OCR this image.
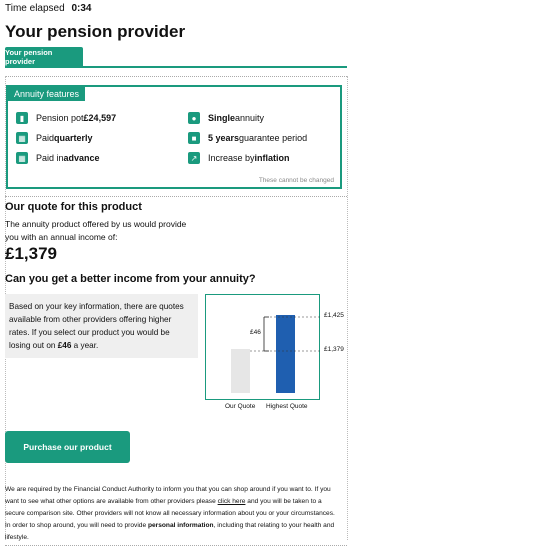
Time elapsed 0:34
Your pension provider
Your pension provider
Annuity features
▮	Pension pot £24,597	●	Single annuity
▦ Paid quarterly	■	5 years guarantee period
▦ Paid in advance	↗ Increase by inflation
These cannot be changed
Our quote for this product
The annuity product offered by us would provide
you with an annual income of:
£1,379
Can you get a better income from your annuity?

Based on your key information, there are quotes
available from other providers offering higher
rates. If you select our product you would be
losing out on £46 a year.

£46
£1,425
£1,379
Our Quote Highest Quote
Purchase our product
We are required by the Financial Conduct Authority to inform you that you can shop around if you want to. If you
want to see what other options are available from other providers please click here and you will be taken to a
secure comparison site. Other providers will not know all necessary information about you or your circumstances.
In order to shop around, you will need to provide personal information, including that relating to your health and
lifestyle.
